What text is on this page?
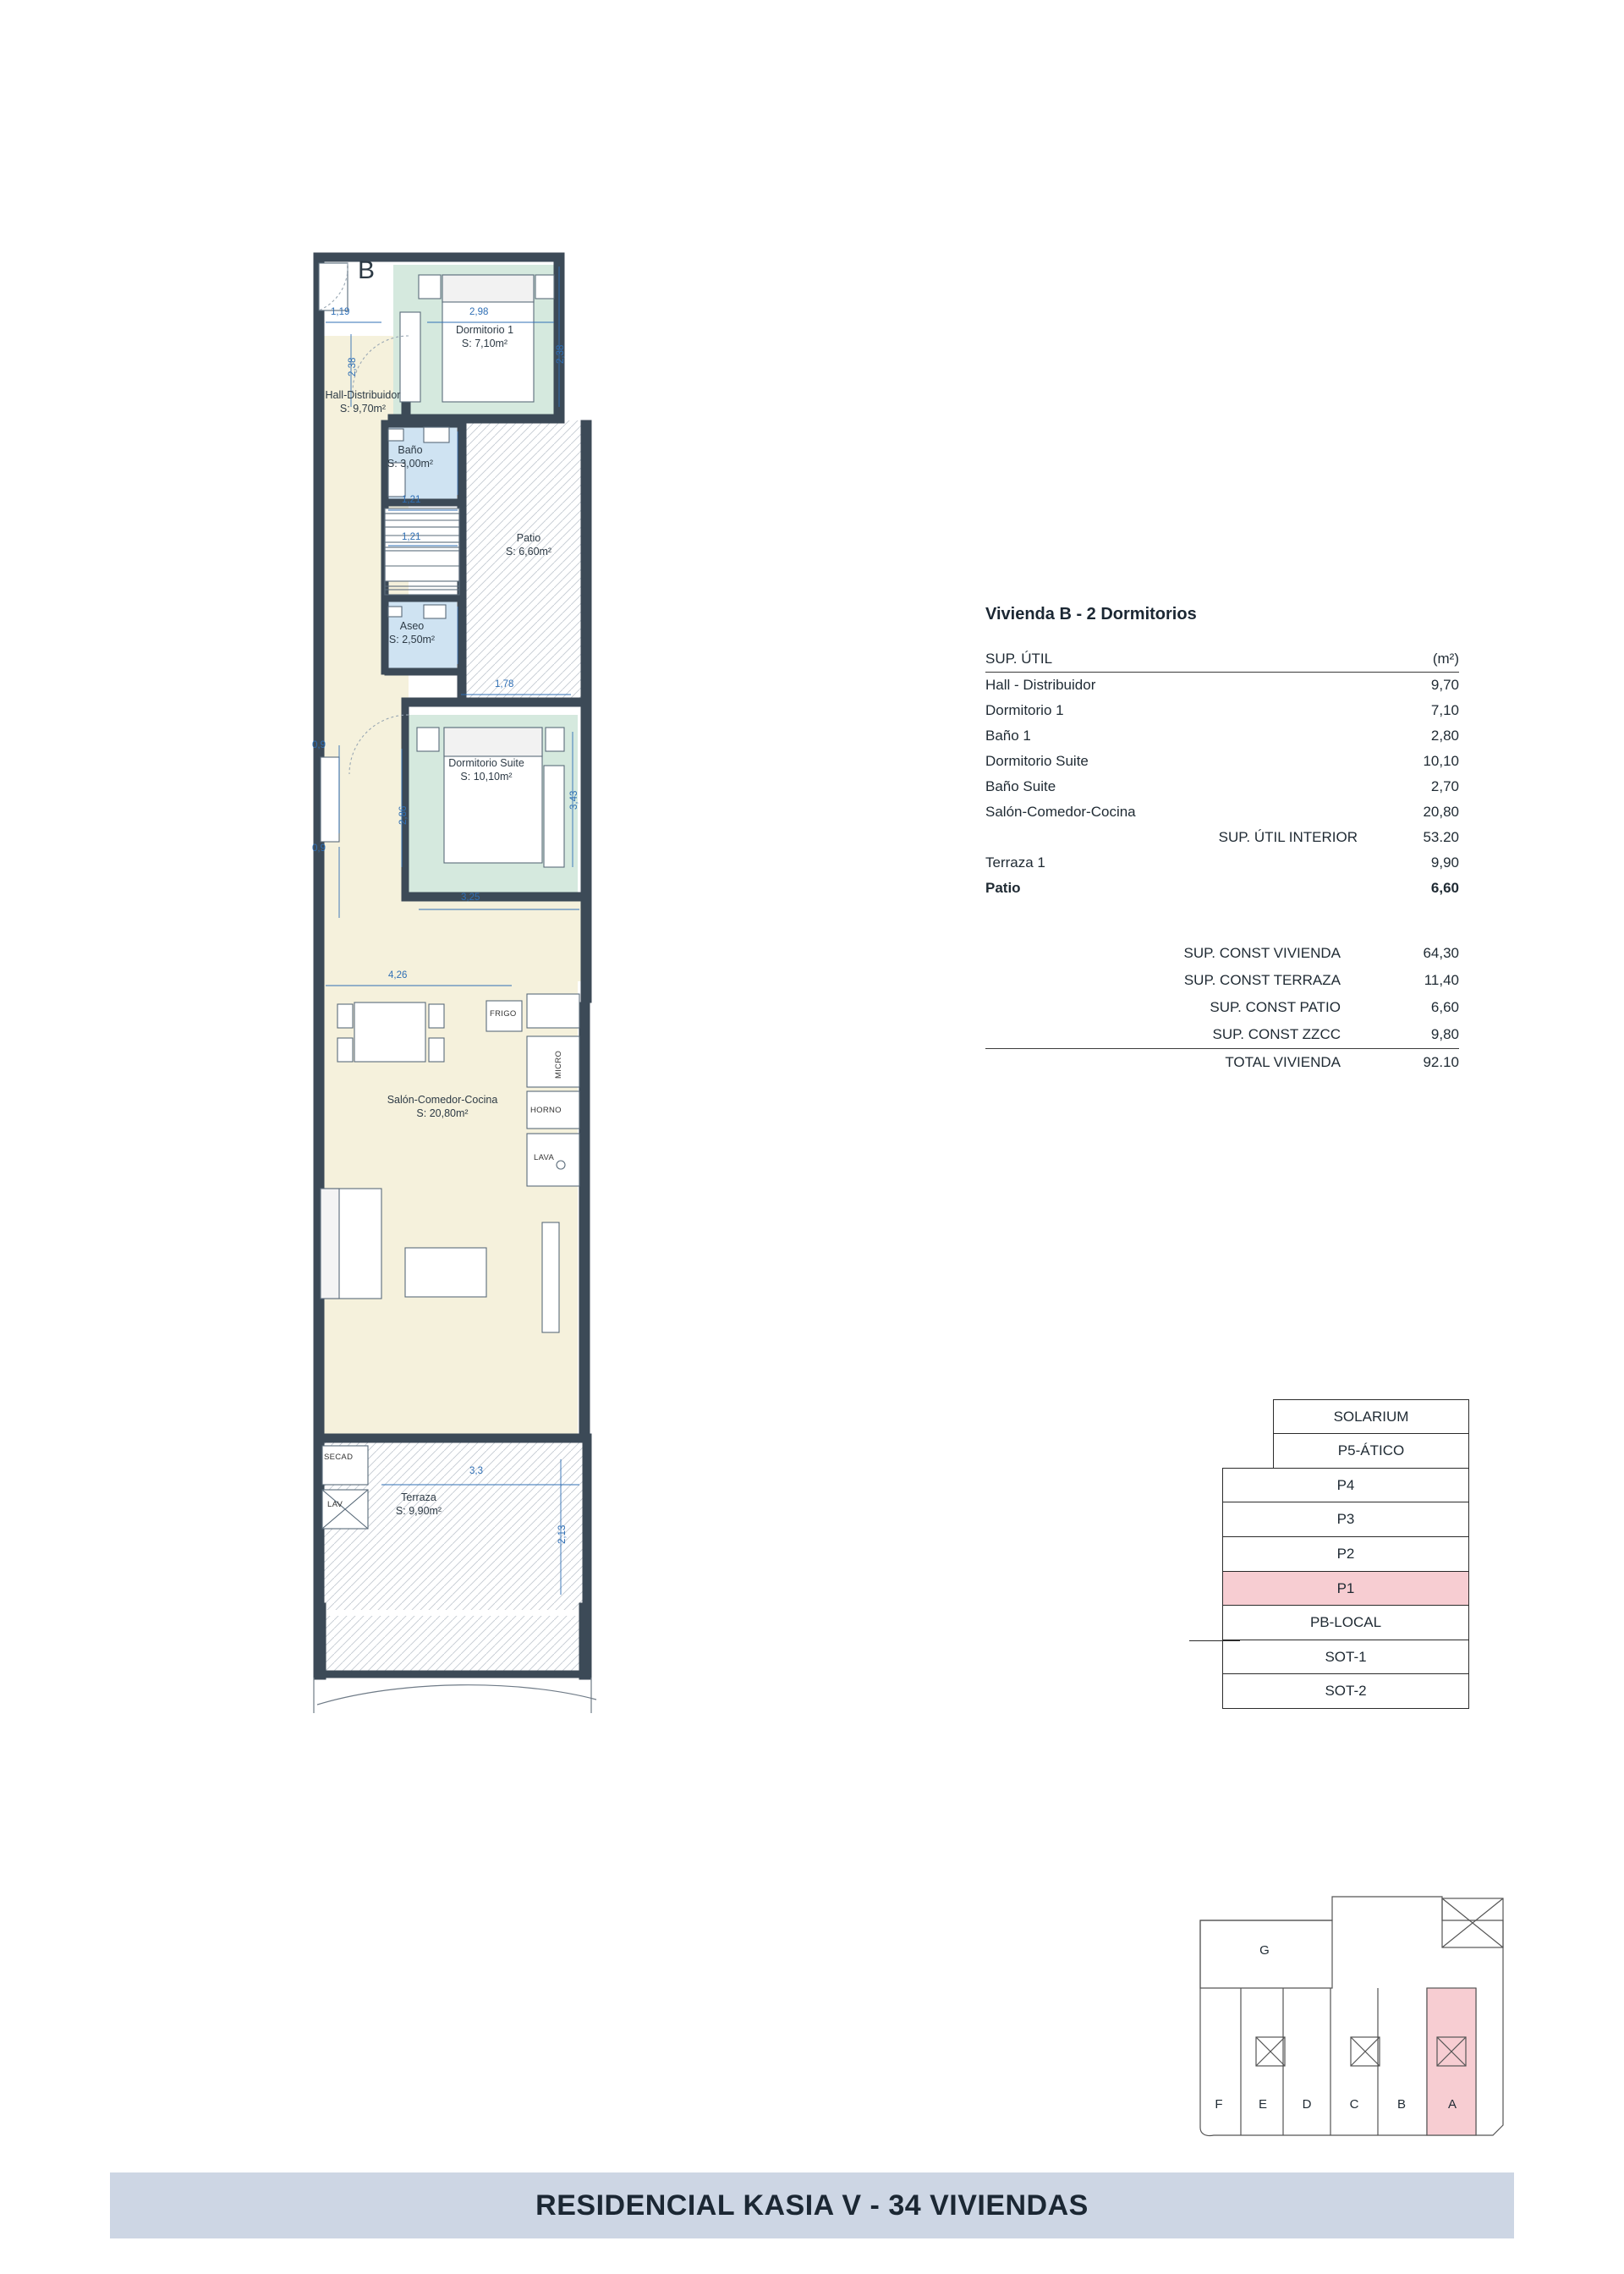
B
Hall-Distribuidor
S: 9,70m²
Dormitorio 1
S: 7,10m²
Baño
S: 3,00m²
Patio
S: 6,60m²
Aseo
S: 2,50m²
Dormitorio Suite
S: 10,10m²
Salón-Comedor-Cocina
S: 20,80m²
Terraza
S: 9,90m²
1,19	2,98
2,38
2,38
1,21
1,21
1,78
0,9
0,9
2,86
3,25
3,43
4,26
3,3
2,13
FRIGO
MICRO
HORNO
LAVA
SECAD
LAV
Vivienda B - 2 Dormitorios
SUP. ÚTIL	(m²)
Hall - Distribuidor	9,70
Dormitorio 1	7,10
Baño 1	2,80
Dormitorio Suite	10,10
Baño Suite	2,70
Salón-Comedor-Cocina	20,80
SUP. ÚTIL INTERIOR	53.20
Terraza 1	9,90
Patio	6,60
SUP. CONST VIVIENDA	64,30
SUP. CONST TERRAZA	11,40
SUP. CONST PATIO	6,60
SUP. CONST ZZCC	9,80
TOTAL VIVIENDA	92.10
SOLARIUM
P5-ÁTICO
P4
P3
P2
P1
PB-LOCAL
SOT-1
SOT-2
G
F	E	D	C	B	A
RESIDENCIAL KASIA V - 34 VIVIENDAS
